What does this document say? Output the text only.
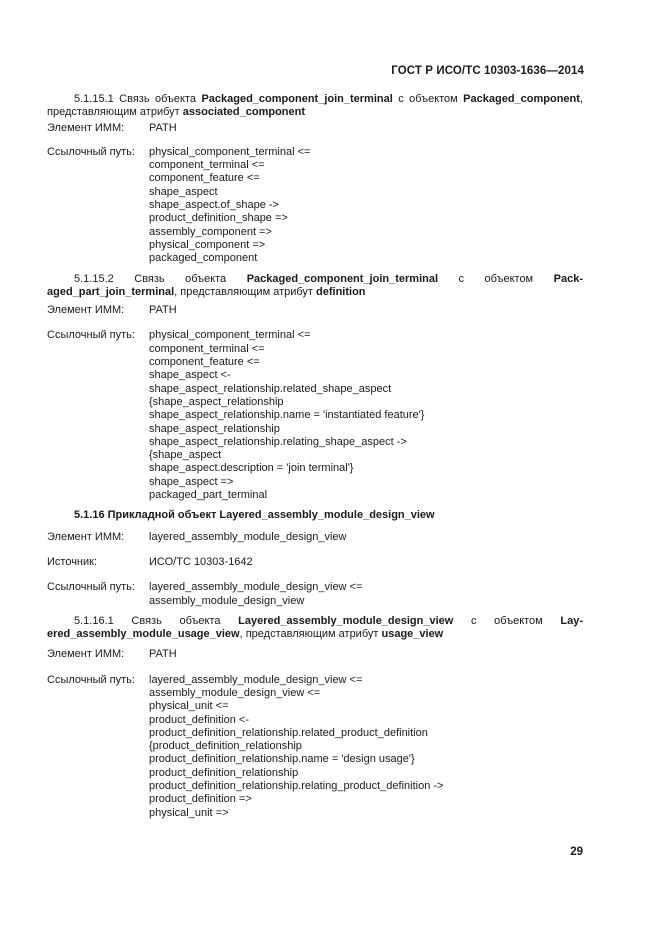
ГОСТ Р ИСО/ТС 10303-1636—2014

5.1.15.1 Связь объекта Packaged_component_join_terminal с объектом Packaged_component,

представляющим атрибут associated_component

Элемент ИММ:	PATH
Ссылочный путь:	physical_component_terminal <=
component_terminal <=
component_feature <=
shape_aspect
shape_aspect.of_shape ->
product_definition_shape =>
assembly_component =>
physical_component =>
packaged_component

5.1.15.2 Связь объекта Packaged_component_join_terminal с объектом Pack-

aged_part_join_terminal, представляющим атрибут definition

Элемент ИММ:	PATH
Ссылочный путь:	physical_component_terminal <=
component_terminal <=
component_feature <=
shape_aspect <-
shape_aspect_relationship.related_shape_aspect
{shape_aspect_relationship
shape_aspect_relationship.name = 'instantiated feature'}
shape_aspect_relationship
shape_aspect_relationship.relating_shape_aspect ->
{shape_aspect
shape_aspect.description = 'join terminal'}
shape_aspect =>
packaged_part_terminal

5.1.16 Прикладной объект Layered_assembly_module_design_view

Элемент ИММ:	layered_assembly_module_design_view
Источник:	ИСО/ТС 10303-1642
Ссылочный путь:	layered_assembly_module_design_view <=
assembly_module_design_view

5.1.16.1 Связь объекта Layered_assembly_module_design_view с объектом Lay-

ered_assembly_module_usage_view, представляющим атрибут usage_view

Элемент ИММ:	PATH
Ссылочный путь:	layered_assembly_module_design_view <=
assembly_module_design_view <=
physical_unit <=
product_definition <-
product_definition_relationship.related_product_definition
{product_definition_relationship
product_definition_relationship.name = 'design usage'}
product_definition_relationship
product_definition_relationship.relating_product_definition ->
product_definition =>
physical_unit =>
29
